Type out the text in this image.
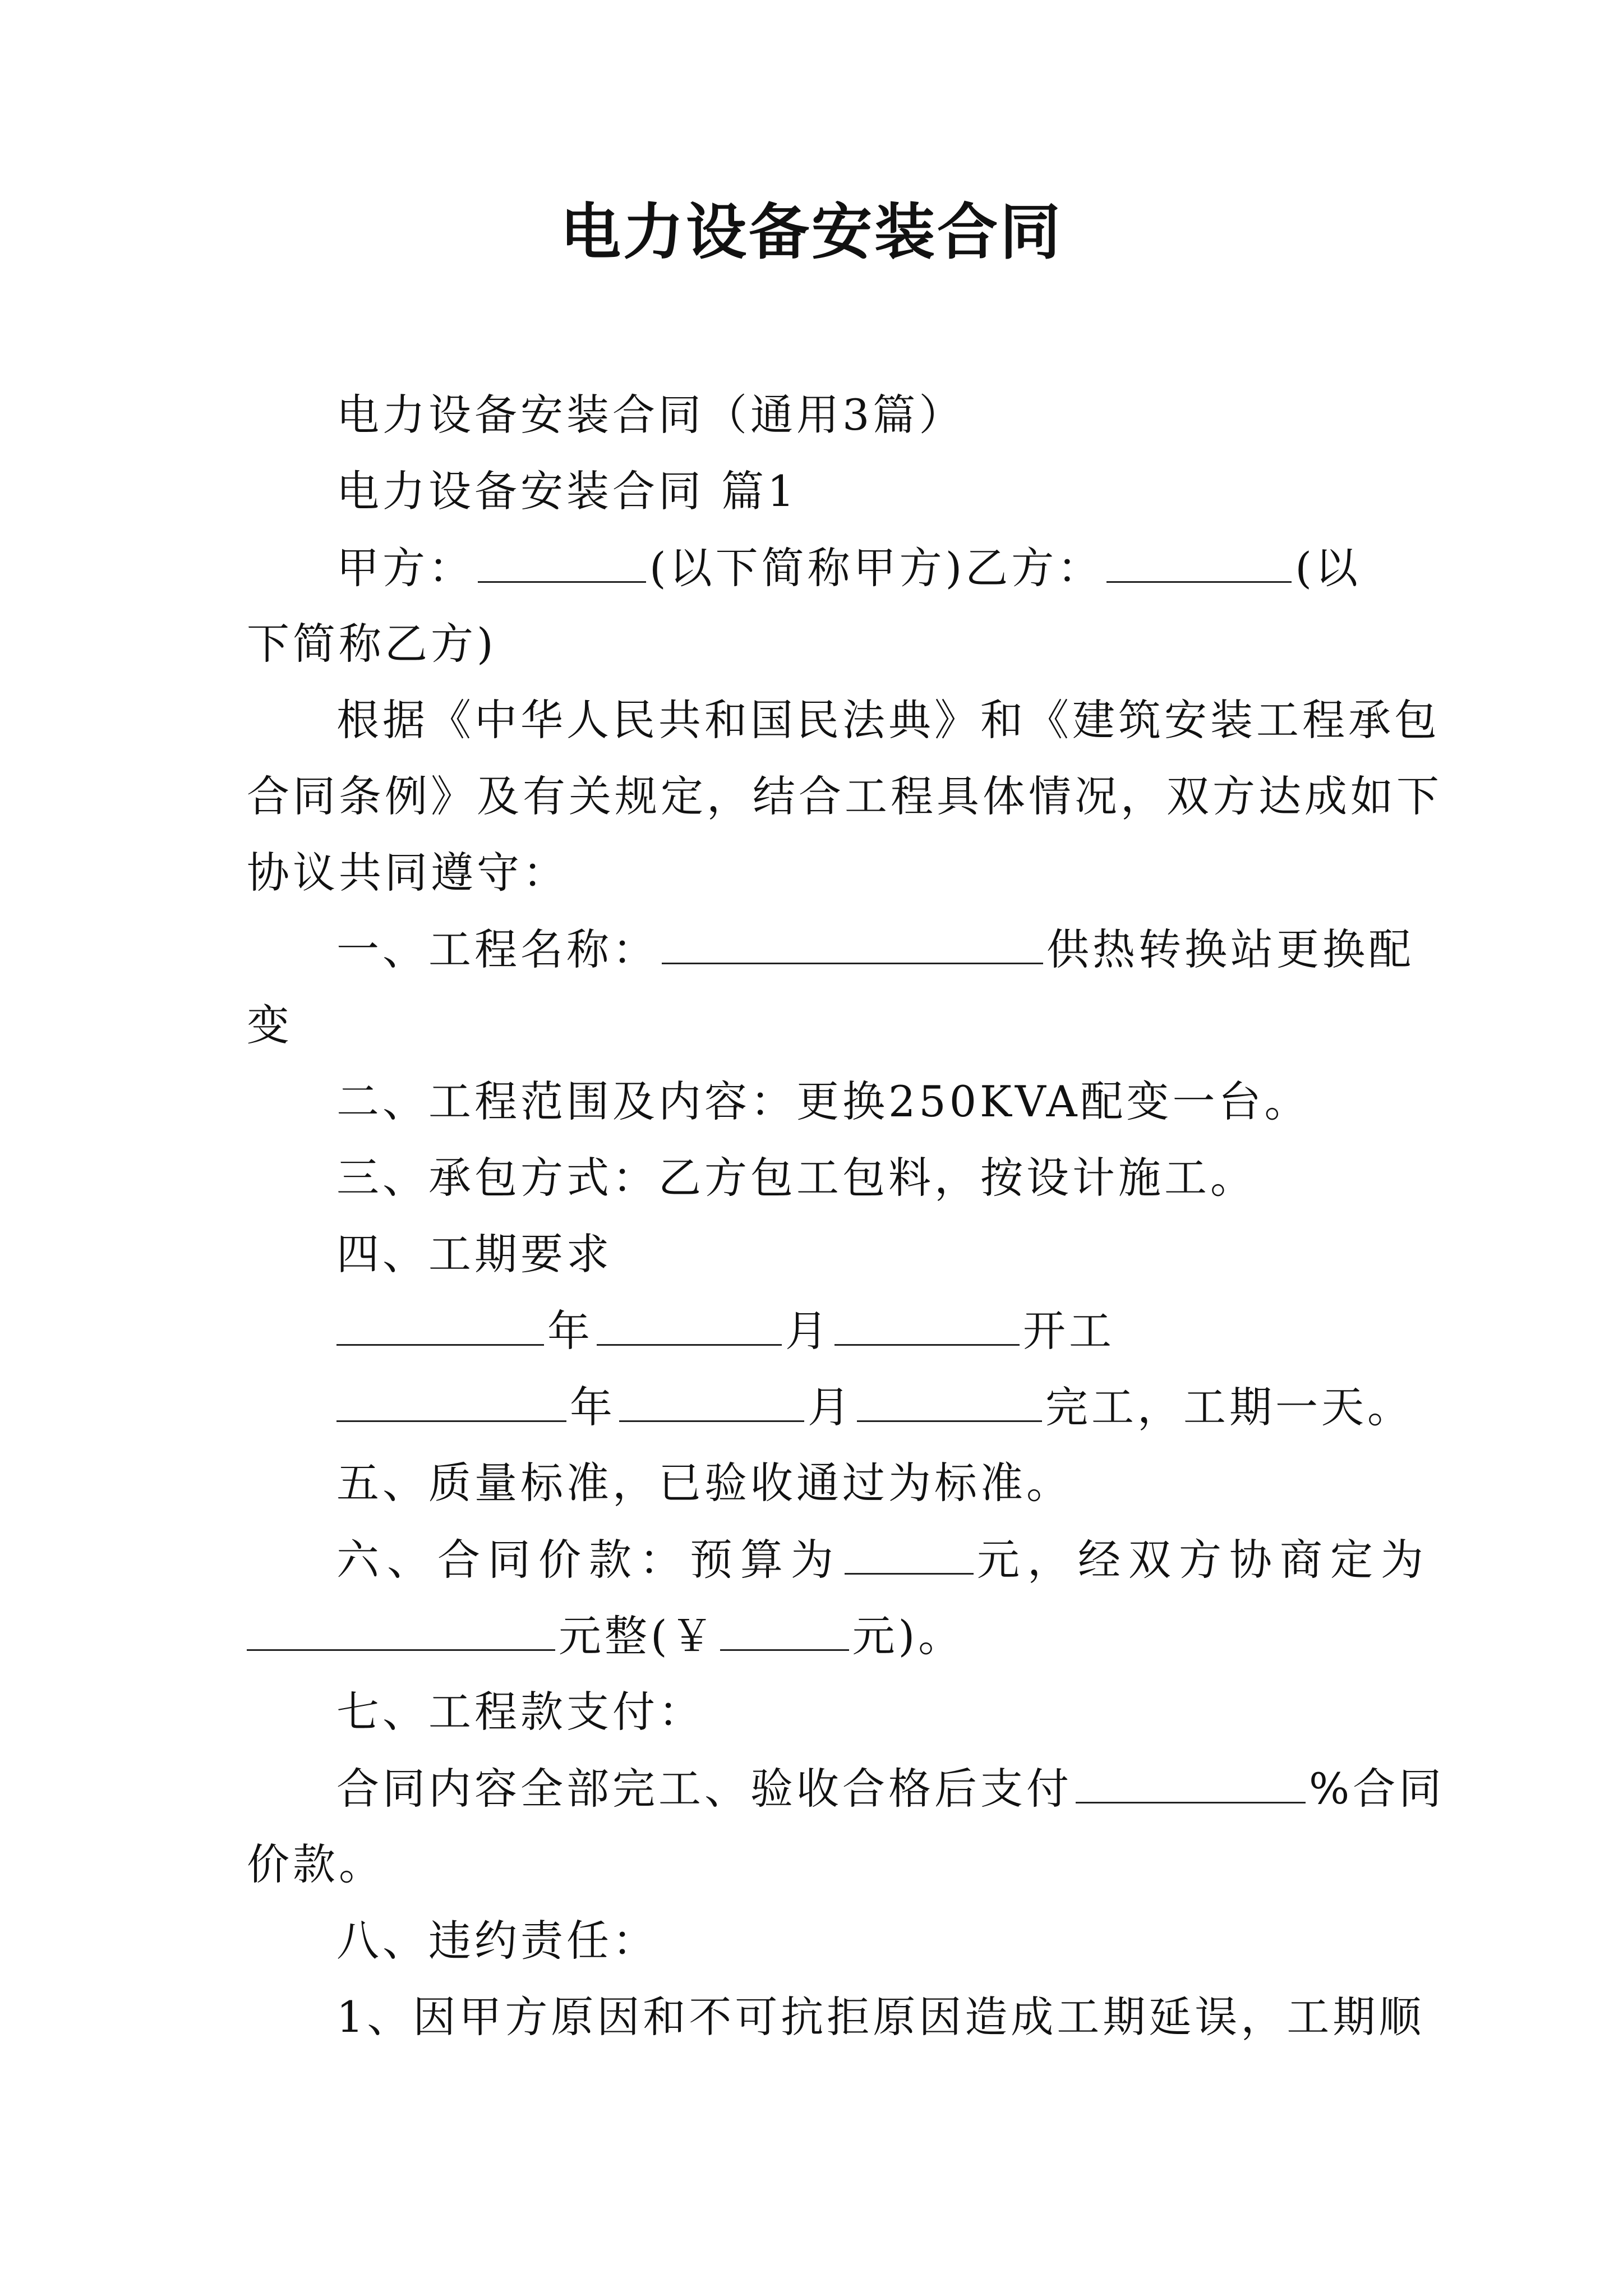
电力设备安装合同
电力设备安装合同（通用3篇）
电力设备安装合同 篇1
甲方：	(以下简称甲方)乙方：	(以
下简称乙方)
根据《中华人民共和国民法典》和《建筑安装工程承包
合同条例》及有关规定，结合工程具体情况，双方达成如下
协议共同遵守：
一、工程名称：	供热转换站更换配
变
二、工程范围及内容：更换250KVA配变一台。
三、承包方式：乙方包工包料，按设计施工。
四、工期要求
年	月	开工
年	月	完工，工期一天。
五、质量标准，已验收通过为标准。
六、合同价款：预算为	元，经双方协商定为
元整(￥	元)。
七、工程款支付：
合同内容全部完工、验收合格后支付	%合同
价款。
八、违约责任：
1、因甲方原因和不可抗拒原因造成工期延误，工期顺
